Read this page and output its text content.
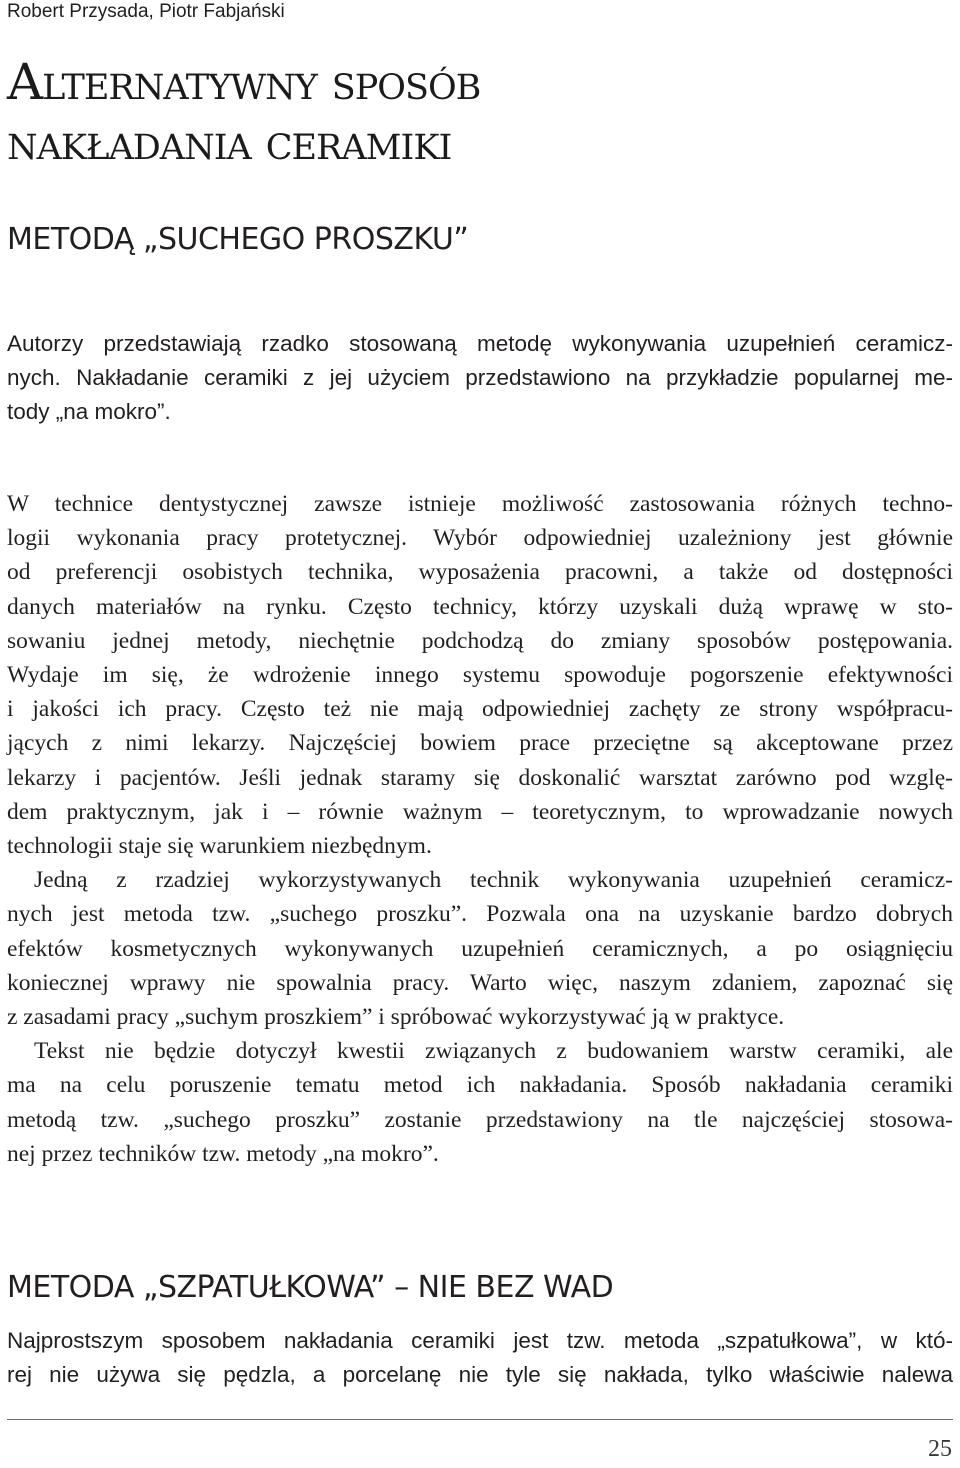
Robert Przysada, Piotr Fabjański
Alternatywny sposób
nakładania ceramiki
METODĄ „SUCHEGO PROSZKU”
Autorzy przedstawiają rzadko stosowaną metodę wykonywania uzupełnień ceramicz-
nych. Nakładanie ceramiki z jej użyciem przedstawiono na przykładzie popularnej me-
tody „na mokro”.
W technice dentystycznej zawsze istnieje możliwość zastosowania różnych techno-
logii wykonania pracy protetycznej. Wybór odpowiedniej uzależniony jest głównie
od preferencji osobistych technika, wyposażenia pracowni, a także od dostępności
danych materiałów na rynku. Często technicy, którzy uzyskali dużą wprawę w sto-
sowaniu jednej metody, niechętnie podchodzą do zmiany sposobów postępowania.
Wydaje im się, że wdrożenie innego systemu spowoduje pogorszenie efektywności
i jakości ich pracy. Często też nie mają odpowiedniej zachęty ze strony współpracu-
jących z nimi lekarzy. Najczęściej bowiem prace przeciętne są akceptowane przez
lekarzy i pacjentów. Jeśli jednak staramy się doskonalić warsztat zarówno pod wzglę-
dem praktycznym, jak i – równie ważnym – teoretycznym, to wprowadzanie nowych
technologii staje się warunkiem niezbędnym.
Jedną z rzadziej wykorzystywanych technik wykonywania uzupełnień ceramicz-
nych jest metoda tzw. „suchego proszku”. Pozwala ona na uzyskanie bardzo dobrych
efektów kosmetycznych wykonywanych uzupełnień ceramicznych, a po osiągnięciu
koniecznej wprawy nie spowalnia pracy. Warto więc, naszym zdaniem, zapoznać się
z zasadami pracy „suchym proszkiem” i spróbować wykorzystywać ją w praktyce.
Tekst nie będzie dotyczył kwestii związanych z budowaniem warstw ceramiki, ale
ma na celu poruszenie tematu metod ich nakładania. Sposób nakładania ceramiki
metodą tzw. „suchego proszku” zostanie przedstawiony na tle najczęściej stosowa-
nej przez techników tzw. metody „na mokro”.
METODA „SZPATUŁKOWA” – NIE BEZ WAD
Najprostszym sposobem nakładania ceramiki jest tzw. metoda „szpatułkowa”, w któ-
rej nie używa się pędzla, a porcelanę nie tyle się nakłada, tylko właściwie nalewa
25
